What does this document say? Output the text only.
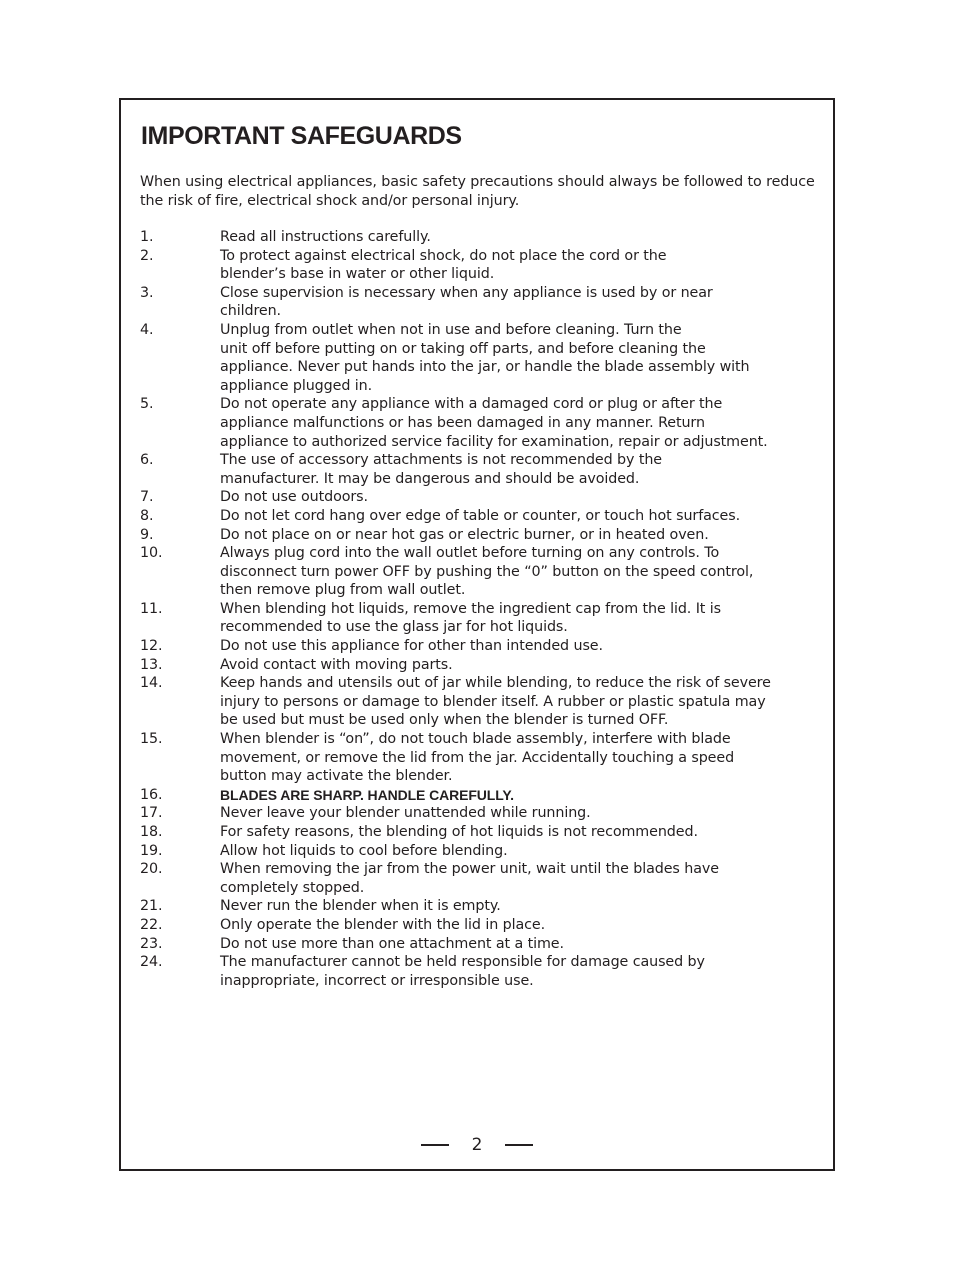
IMPORTANT SAFEGUARDS

When using electrical appliances, basic safety precautions should always be followed to reduce the risk of fire, electrical shock and/or personal injury.

1.	Read all instructions carefully.
2.	To protect against electrical shock, do not place the cord or the
blender’s base in water or other liquid.
3.	Close supervision is necessary when any appliance is used by or near
children.
4.	Unplug from outlet when not in use and before cleaning. Turn the
unit off before putting on or taking off parts, and before cleaning the
appliance. Never put hands into the jar, or handle the blade assembly with
appliance plugged in.
5.	Do not operate any appliance with a damaged cord or plug or after the
appliance malfunctions or has been damaged in any manner. Return
appliance to authorized service facility for examination, repair or adjustment.
6.	The use of accessory attachments is not recommended by the
manufacturer. It may be dangerous and should be avoided.
7.	Do not use outdoors.
8.	Do not let cord hang over edge of table or counter, or touch hot surfaces.
9.	Do not place on or near hot gas or electric burner, or in heated oven.
10.	Always plug cord into the wall outlet before turning on any controls. To
disconnect turn power OFF by pushing the “0” button on the speed control,
then remove plug from wall outlet.
11.	When blending hot liquids, remove the ingredient cap from the lid. It is
recommended to use the glass jar for hot liquids.
12.	Do not use this appliance for other than intended use.
13.	Avoid contact with moving parts.
14.	Keep hands and utensils out of jar while blending, to reduce the risk of severe
injury to persons or damage to blender itself. A rubber or plastic spatula may
be used but must be used only when the blender is turned OFF.
15.	When blender is “on”, do not touch blade assembly, interfere with blade
movement, or remove the lid from the jar. Accidentally touching a speed
button may activate the blender.
16.	BLADES ARE SHARP. HANDLE CAREFULLY.
17.	Never leave your blender unattended while running.
18.	For safety reasons, the blending of hot liquids is not recommended.
19.	Allow hot liquids to cool before blending.
20.	When removing the jar from the power unit, wait until the blades have
completely stopped.
21.	Never run the blender when it is empty.
22.	Only operate the blender with the lid in place.
23.	Do not use more than one attachment at a time.
24.	The manufacturer cannot be held responsible for damage caused by
inappropriate, incorrect or irresponsible use.
2
